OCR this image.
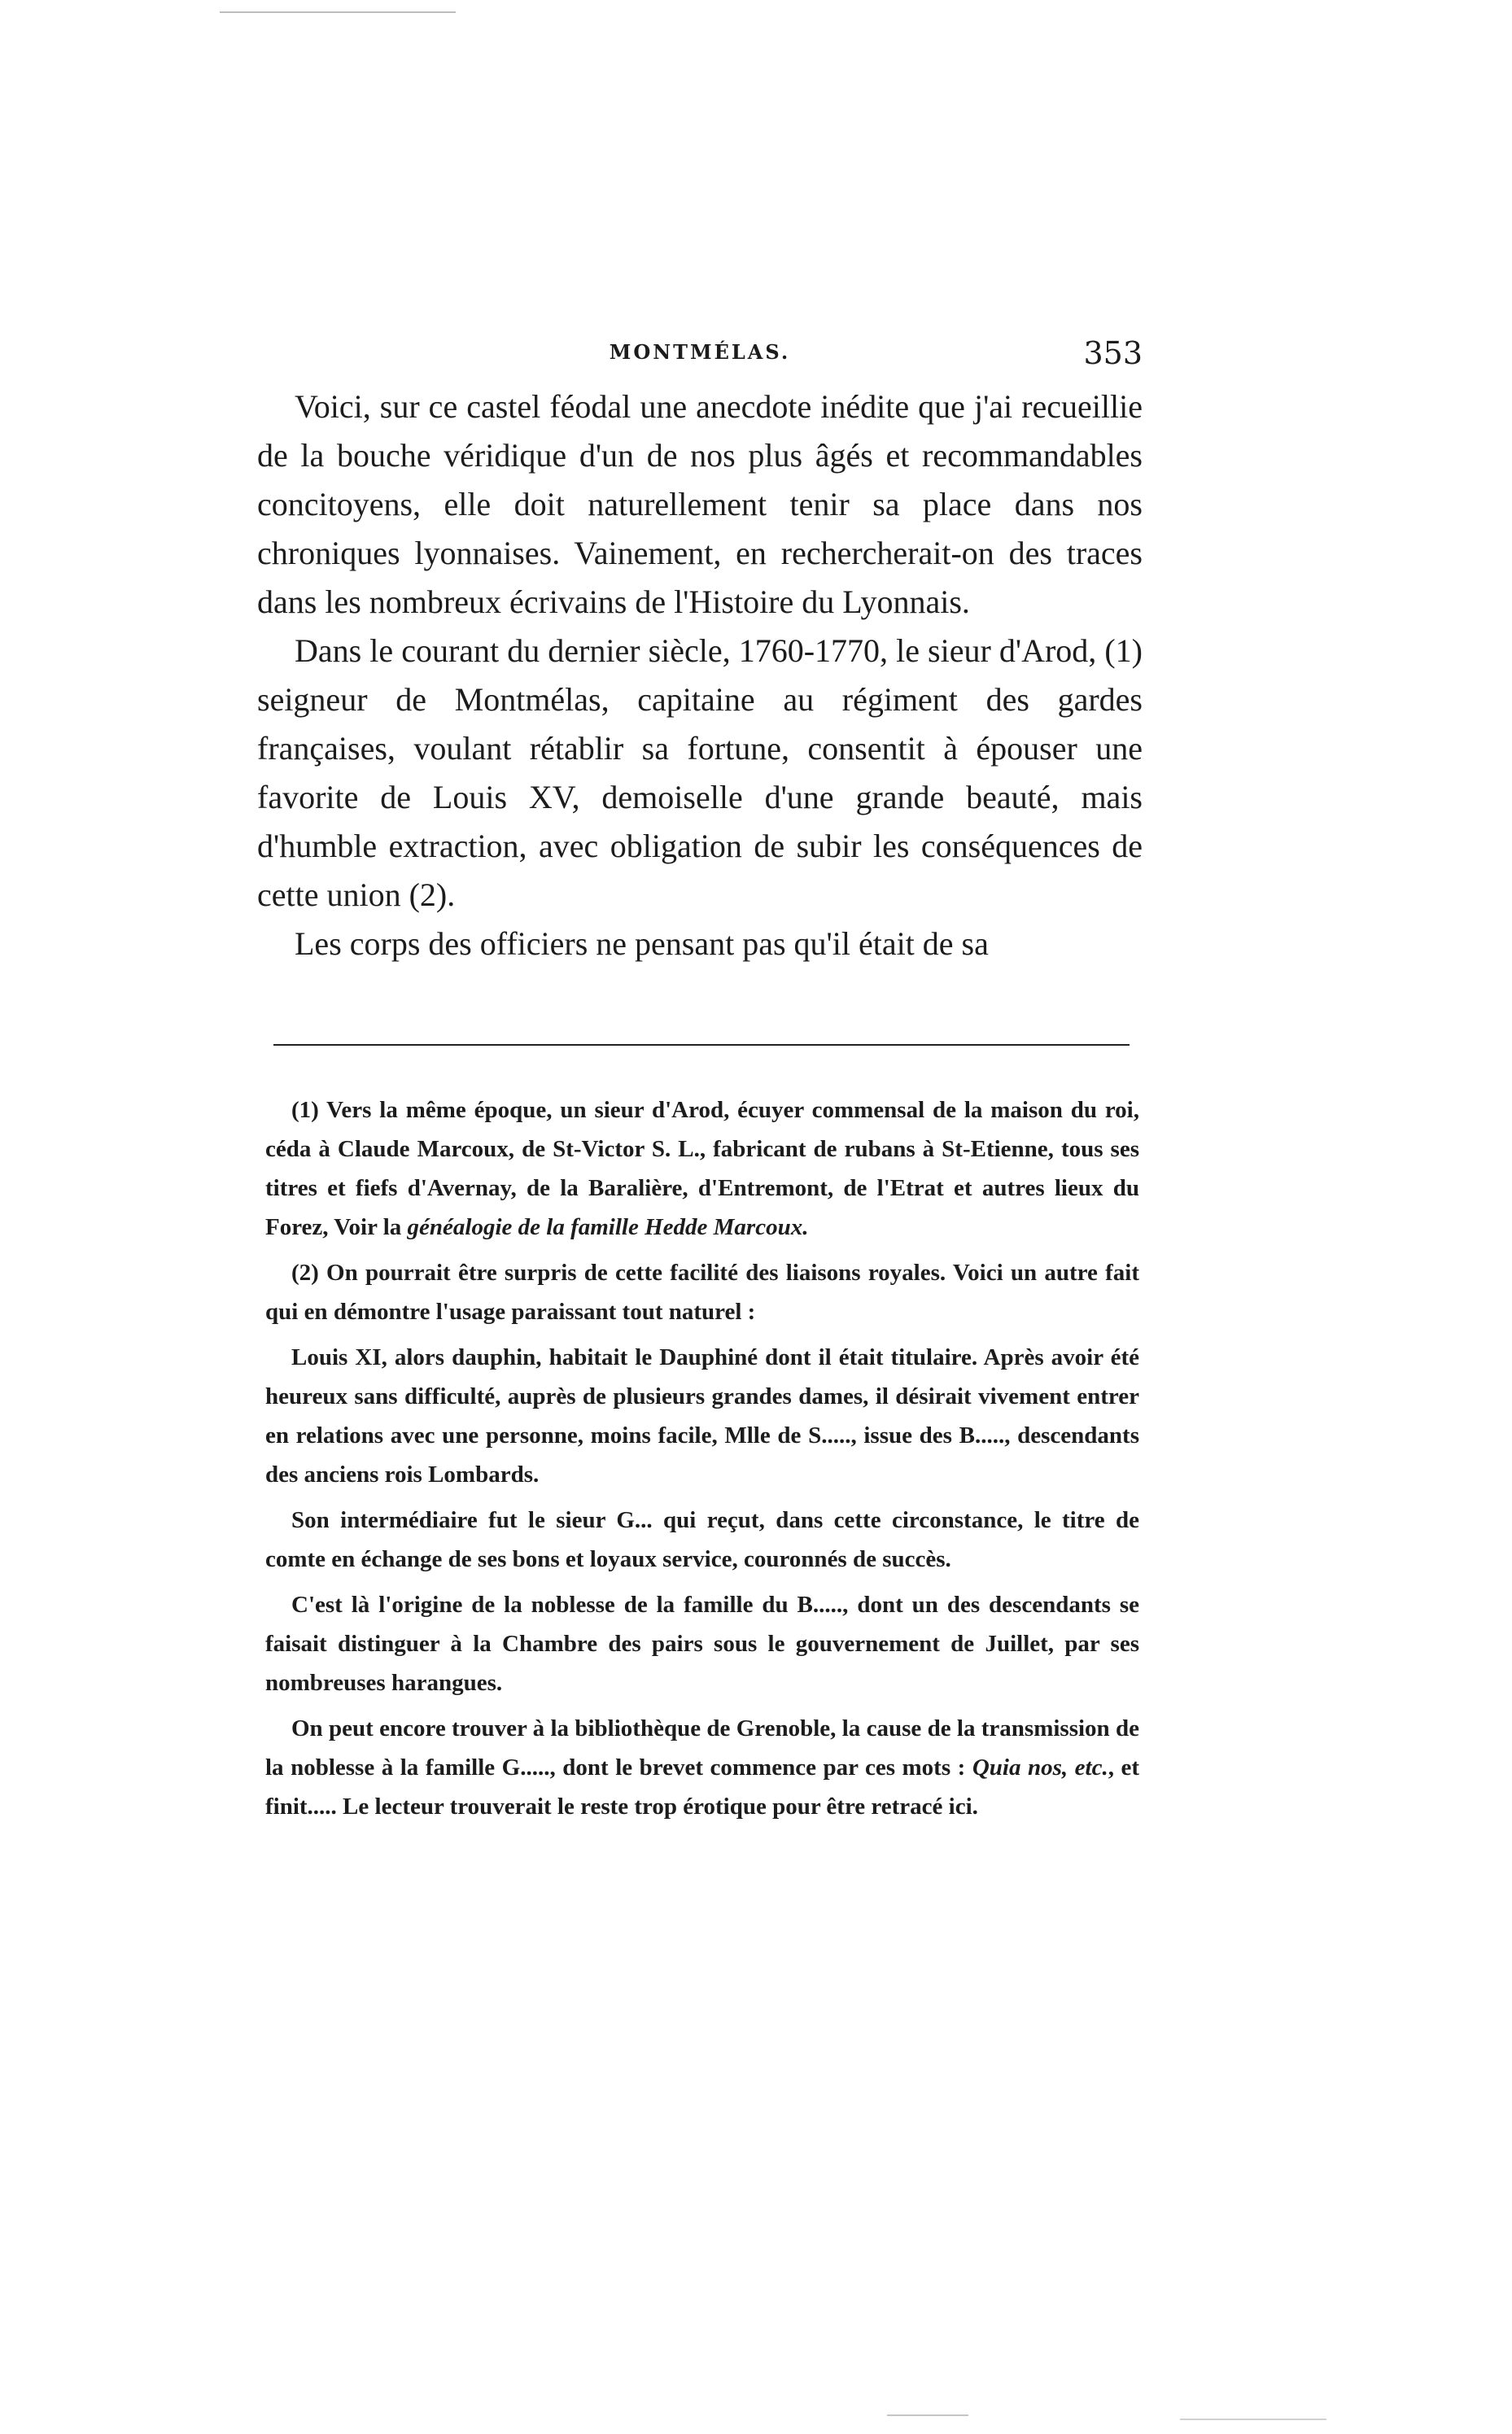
MONTMÉLAS.	353

Voici, sur ce castel féodal une anecdote inédite que j'ai recueillie de la bouche véridique d'un de nos plus âgés et recommandables concitoyens, elle doit naturellement tenir sa place dans nos chroniques lyonnaises. Vainement, en rechercherait-on des traces dans les nombreux écrivains de l'Histoire du Lyonnais.

Dans le courant du dernier siècle, 1760-1770, le sieur d'Arod, (1) seigneur de Montmélas, capitaine au régiment des gardes françaises, voulant rétablir sa fortune, consentit à épouser une favorite de Louis XV, demoiselle d'une grande beauté, mais d'humble extraction, avec obligation de subir les conséquences de cette union (2).

Les corps des officiers ne pensant pas qu'il était de sa

(1) Vers la même époque, un sieur d'Arod, écuyer commensal de la maison du roi, céda à Claude Marcoux, de St-Victor S. L., fabricant de rubans à St-Etienne, tous ses titres et fiefs d'Avernay, de la Baralière, d'Entremont, de l'Etrat et autres lieux du Forez, Voir la généalogie de la famille Hedde Marcoux.

(2) On pourrait être surpris de cette facilité des liaisons royales. Voici un autre fait qui en démontre l'usage paraissant tout naturel :

Louis XI, alors dauphin, habitait le Dauphiné dont il était titulaire. Après avoir été heureux sans difficulté, auprès de plusieurs grandes dames, il désirait vivement entrer en relations avec une personne, moins facile, Mlle de S....., issue des B....., descendants des anciens rois Lombards.

Son intermédiaire fut le sieur G... qui reçut, dans cette circonstance, le titre de comte en échange de ses bons et loyaux service, couronnés de succès.

C'est là l'origine de la noblesse de la famille du B....., dont un des descendants se faisait distinguer à la Chambre des pairs sous le gouvernement de Juillet, par ses nombreuses harangues.

On peut encore trouver à la bibliothèque de Grenoble, la cause de la transmission de la noblesse à la famille G....., dont le brevet commence par ces mots : Quia nos, etc., et finit..... Le lecteur trouverait le reste trop érotique pour être retracé ici.
